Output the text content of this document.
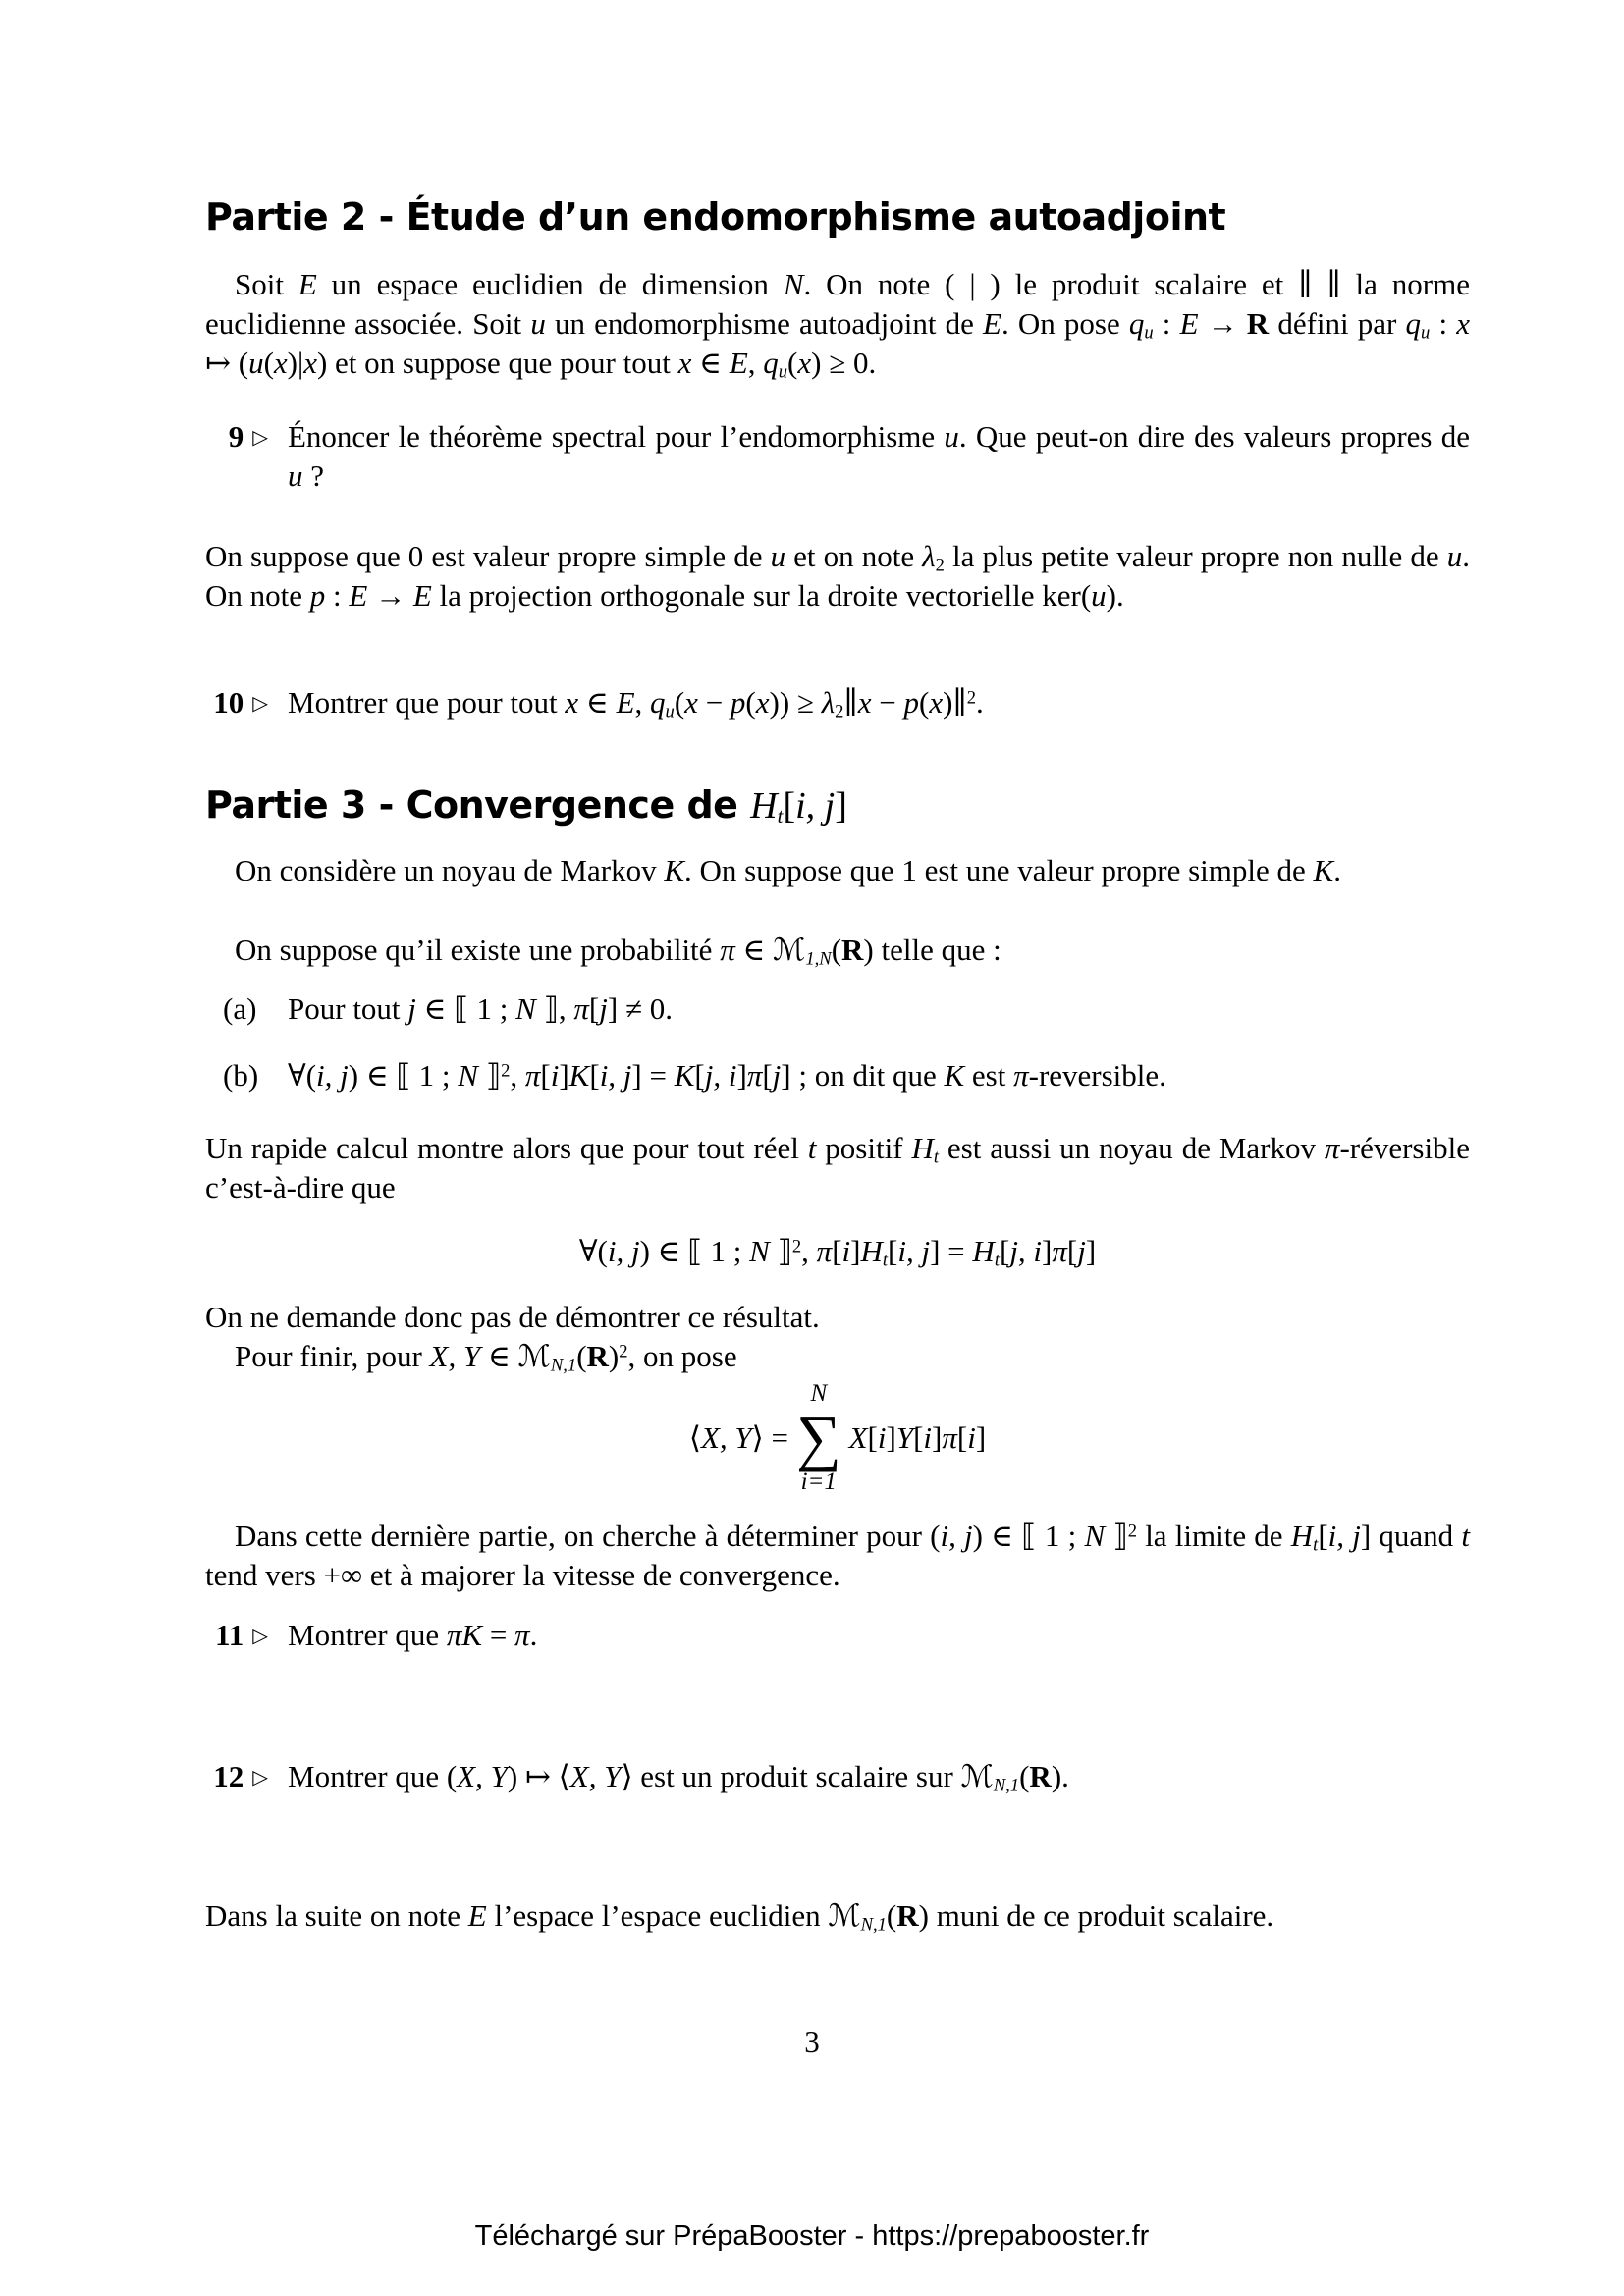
Partie 2 - Étude d’un endomorphisme autoadjoint

Soit E un espace euclidien de dimension N. On note ( | ) le produit scalaire et ∥ ∥ la norme euclidienne associée. Soit u un endomorphisme autoadjoint de E. On pose $q_u$ : E → R défini par $q_u$ : x ↦ (u(x)|x) et on suppose que pour tout x ∈ E, $q_u(x) \ge 0$.

9 ▷ Énoncer le théorème spectral pour l’endomorphisme u. Que peut-on dire des valeurs propres de u ?

On suppose que 0 est valeur propre simple de u et on note $\lambda_2$ la plus petite valeur propre non nulle de u. On note p : E → E la projection orthogonale sur la droite vectorielle ker(u).

10 ▷ Montrer que pour tout x ∈ E, $q_u(x - p(x))$ ≥ $\lambda_2\parallel x$ − p(x)∥$^2$.
Partie 3 - Convergence de $H_t[i$, j]

On considère un noyau de Markov K. On suppose que 1 est une valeur propre simple de K.

On suppose qu’il existe une probabilité π ∈ ℳ$_{1,N}$(R) telle que :

(a) Pour tout j ∈ ⟦ 1 ; N ⟧, π[j] ≠ 0.
(b) ∀(i, j) ∈ ⟦ 1 ; N ⟧$^2$, π[i]K[i, j] = K[j, i]π[j] ; on dit que K est π-reversible.

Un rapide calcul montre alors que pour tout réel t positif $H_t$ est aussi un noyau de Markov π-réversible c’est-à-dire que

∀(i, j) ∈ ⟦ 1 ; N ⟧$^2$, $\pi[i]H_t[i$, $j] = H_t[j$, i]π[j]

On ne demande donc pas de démontrer ce résultat.

Pour finir, pour X, Y ∈ $ℳ_{N,1}(R)^2$, on pose

⟨X, Y⟩ =
N
∑
i=1
X[i]Y[i]π[i]

Dans cette dernière partie, on cherche à déterminer pour (i, j) ∈ ⟦ 1 ; N ⟧$^2$ la limite de $H_t[i$, j] quand t tend vers +∞ et à majorer la vitesse de convergence.

11 ▷ Montrer que πK = π.
12 ▷ Montrer que (X, Y) ↦ ⟨X, Y⟩ est un produit scalaire sur ℳ$_{N,1}$(R).

Dans la suite on note E l’espace l’espace euclidien ℳ$_{N,1}$(R) muni de ce produit scalaire.

3

Téléchargé sur PrépaBooster - https://prepabooster.fr
